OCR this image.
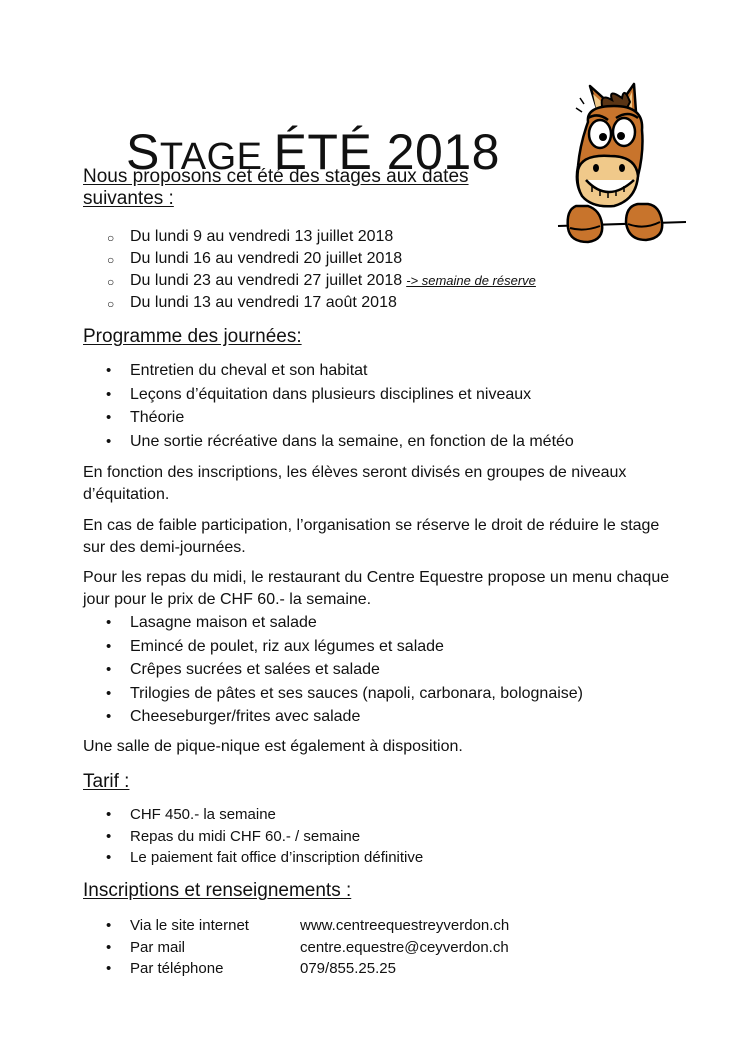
STAGE ÉTÉ 2018
Nous proposons cet été des stages aux dates suivantes :
○ Du lundi 9 au vendredi 13 juillet 2018
○ Du lundi 16 au vendredi 20 juillet 2018
○ Du lundi 23 au vendredi 27 juillet 2018 -> semaine de réserve
○ Du lundi 13 au vendredi 17 août 2018
Programme des journées:
• Entretien du cheval et son habitat
• Leçons d’équitation dans plusieurs disciplines et niveaux
• Théorie
• Une sortie récréative dans la semaine, en fonction de la météo
En fonction des inscriptions, les élèves seront divisés en groupes de niveaux d’équitation.
En cas de faible participation, l’organisation se réserve le droit de réduire le stage sur des demi-journées.
Pour les repas du midi, le restaurant du Centre Equestre propose un menu chaque jour pour le prix de CHF 60.- la semaine.
• Lasagne maison et salade
• Emincé de poulet, riz aux légumes et salade
• Crêpes sucrées et salées et salade
• Trilogies de pâtes et ses sauces (napoli, carbonara, bolognaise)
• Cheeseburger/frites avec salade
Une salle de pique-nique est également à disposition.
Tarif :
• CHF 450.- la semaine
• Repas du midi CHF 60.- / semaine
• Le paiement fait office d’inscription définitive
Inscriptions et renseignements :
• Via le site internet	www.centreequestreyverdon.ch
• Par mail	centre.equestre@ceyverdon.ch
• Par téléphone	079/855.25.25
